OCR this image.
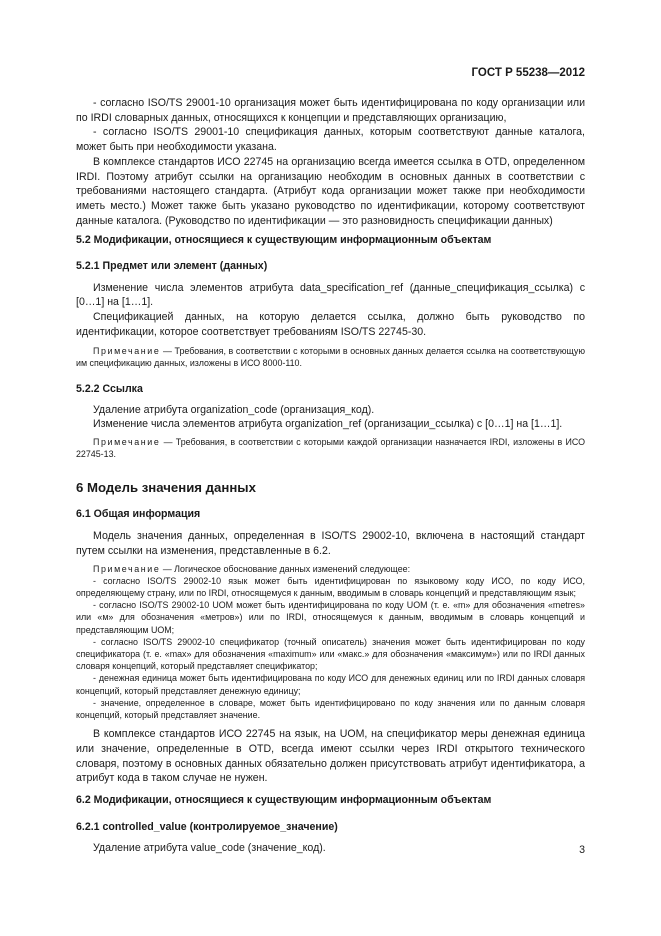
ГОСТ Р 55238—2012

- согласно ISO/TS 29001-10 организация может быть идентифицирована по коду организации или по IRDI словарных данных, относящихся к концепции и представляющих организацию,

- согласно ISO/TS 29001-10 спецификация данных, которым соответствуют данные каталога, может быть при необходимости указана.

В комплексе стандартов ИСО 22745 на организацию всегда имеется ссылка в OTD, определенном IRDI. Поэтому атрибут ссылки на организацию необходим в основных данных в соответствии с требованиями настоящего стандарта. (Атрибут кода организации может также при необходимости иметь место.) Может также быть указано руководство по идентификации, которому соответствуют данные каталога. (Руководство по идентификации — это разновидность спецификации данных)

5.2 Модификации, относящиеся к существующим информационным объектам
5.2.1 Предмет или элемент (данных)

Изменение числа элементов атрибута data_specification_ref (данные_спецификация_ссылка) с [0…1] на [1…1].

Спецификацией данных, на которую делается ссылка, должно быть руководство по идентификации, которое соответствует требованиям ISO/TS 22745-30.

Примечание — Требования, в соответствии с которыми в основных данных делается ссылка на соответствующую им спецификацию данных, изложены в ИСО 8000-110.

5.2.2 Ссылка

Удаление атрибута organization_code (организация_код).

Изменение числа элементов атрибута organization_ref (организации_ссылка) с [0…1] на [1…1].

Примечание — Требования, в соответствии с которыми каждой организации назначается IRDI, изложены в ИСО 22745-13.

6 Модель значения данных
6.1 Общая информация

Модель значения данных, определенная в ISO/TS 29002-10, включена в настоящий стандарт путем ссылки на изменения, представленные в 6.2.

Примечание — Логическое обоснование данных изменений следующее:

- согласно ISO/TS 29002-10 язык может быть идентифицирован по языковому коду ИСО, по коду ИСО, определяющему страну, или по IRDI, относящемуся к данным, вводимым в словарь концепций и представляющим язык;

- согласно ISO/TS 29002-10 UOM может быть идентифицирована по коду UOM (т. е. «m» для обозначения «metres» или «м» для обозначения «метров») или по IRDI, относящемуся к данным, вводимым в словарь концепций и представляющим UOM;

- согласно ISO/TS 29002-10 спецификатор (точный описатель) значения может быть идентифицирован по коду спецификатора (т. е. «max» для обозначения «maximum» или «макс.» для обозначения «максимум») или по IRDI данных словаря концепций, который представляет спецификатор;

- денежная единица может быть идентифицирована по коду ИСО для денежных единиц или по IRDI данных словаря концепций, который представляет денежную единицу;

- значение, определенное в словаре, может быть идентифицировано по коду значения или по данным словаря концепций, который представляет значение.

В комплексе стандартов ИСО 22745 на язык, на UOM, на спецификатор меры денежная единица или значение, определенные в OTD, всегда имеют ссылки через IRDI открытого технического словаря, поэтому в основных данных обязательно должен присутствовать атрибут идентификатора, а атрибут кода в таком случае не нужен.

6.2 Модификации, относящиеся к существующим информационным объектам
6.2.1 controlled_value (контролируемое_значение)

Удаление атрибута value_code (значение_код).	3
